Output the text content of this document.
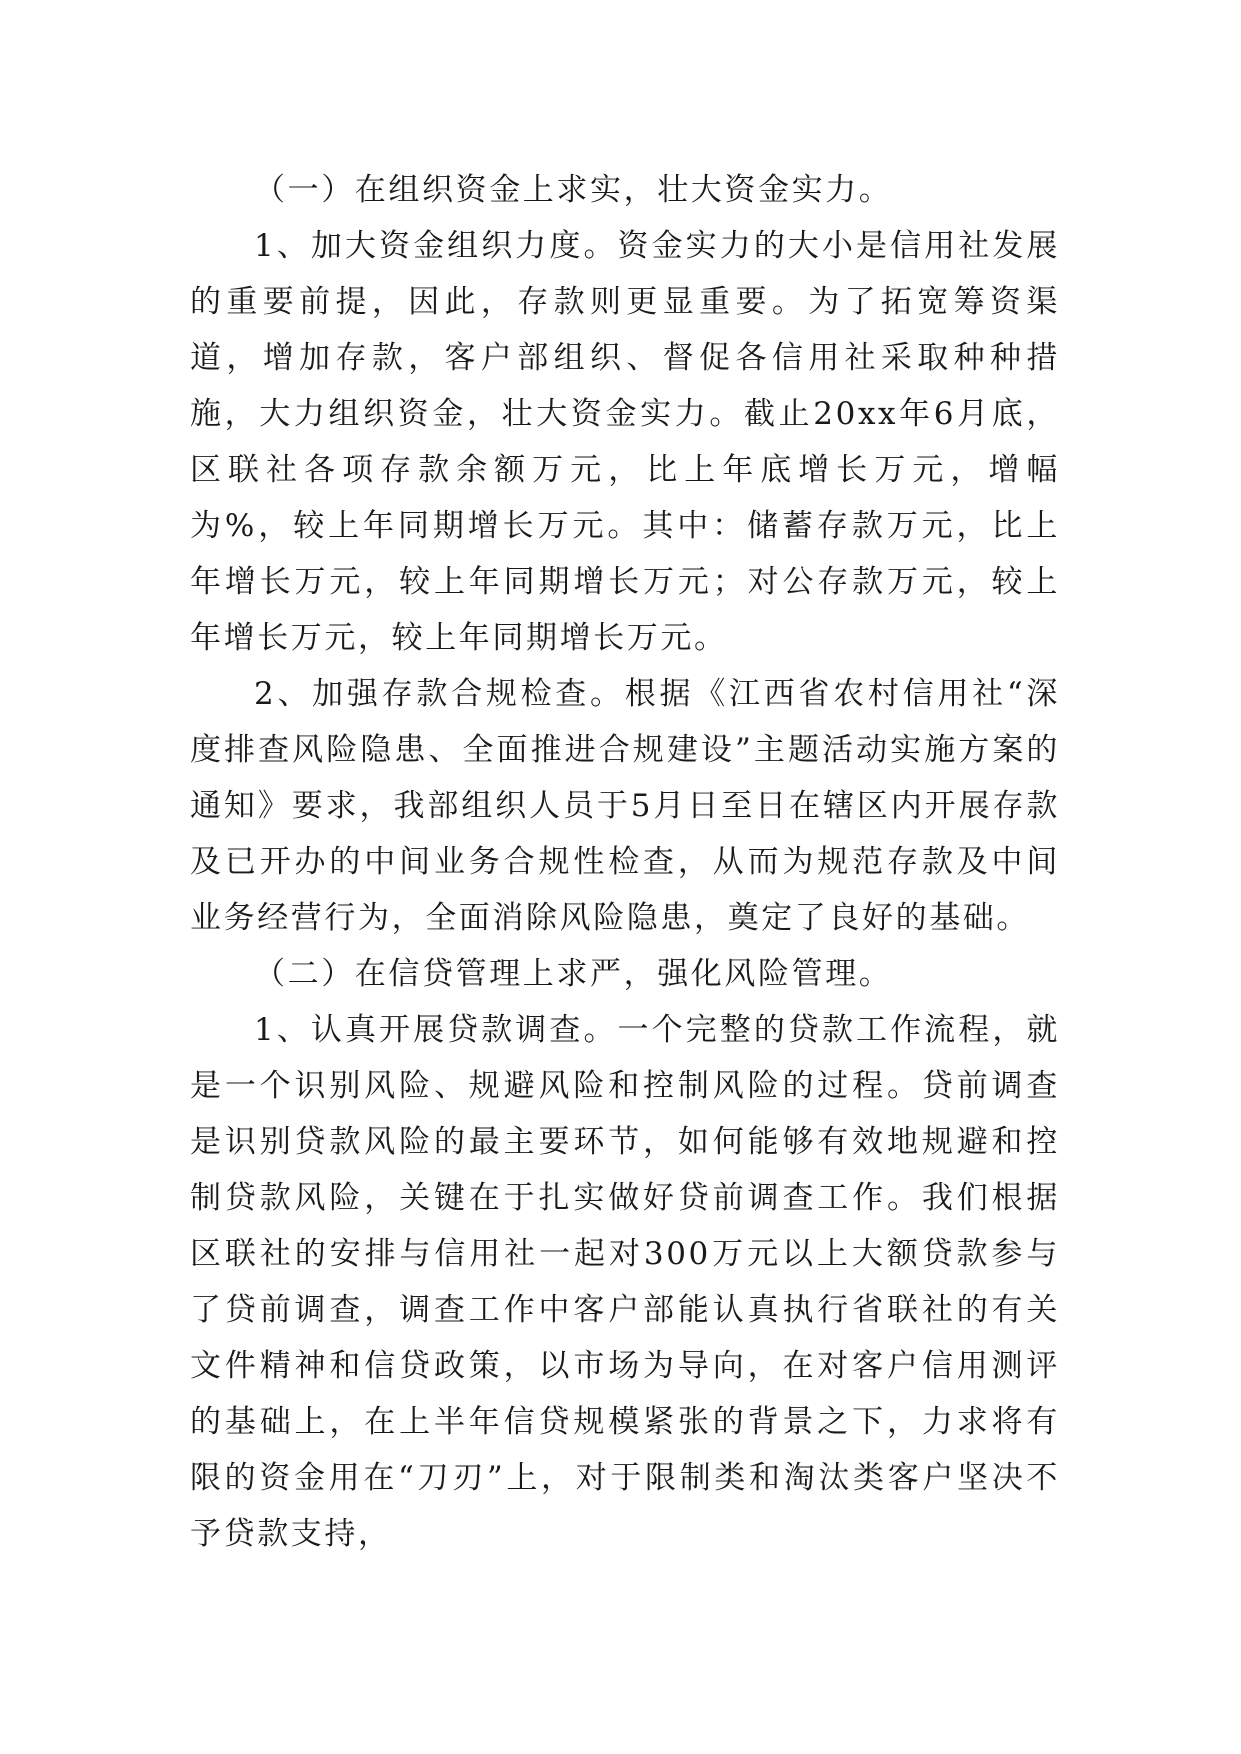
（一）在组织资金上求实，壮大资金实力。

1、加大资金组织力度。资金实力的大小是信用社发展的重要前提，因此，存款则更显重要。为了拓宽筹资渠道，增加存款，客户部组织、督促各信用社采取种种措施，大力组织资金，壮大资金实力。截止20xx年6月底，区联社各项存款余额万元，比上年底增长万元，增幅为%，较上年同期增长万元。其中：储蓄存款万元，比上年增长万元，较上年同期增长万元；对公存款万元，较上年增长万元，较上年同期增长万元。

2、加强存款合规检查。根据《江西省农村信用社“深度排查风险隐患、全面推进合规建设”主题活动实施方案的通知》要求，我部组织人员于5月日至日在辖区内开展存款及已开办的中间业务合规性检查，从而为规范存款及中间业务经营行为，全面消除风险隐患，奠定了良好的基础。

（二）在信贷管理上求严，强化风险管理。

1、认真开展贷款调查。一个完整的贷款工作流程，就是一个识别风险、规避风险和控制风险的过程。贷前调查是识别贷款风险的最主要环节，如何能够有效地规避和控制贷款风险，关键在于扎实做好贷前调查工作。我们根据区联社的安排与信用社一起对300万元以上大额贷款参与了贷前调查，调查工作中客户部能认真执行省联社的有关文件精神和信贷政策，以市场为导向，在对客户信用测评的基础上，在上半年信贷规模紧张的背景之下，力求将有限的资金用在“刀刃”上，对于限制类和淘汰类客户坚决不予贷款支持，
